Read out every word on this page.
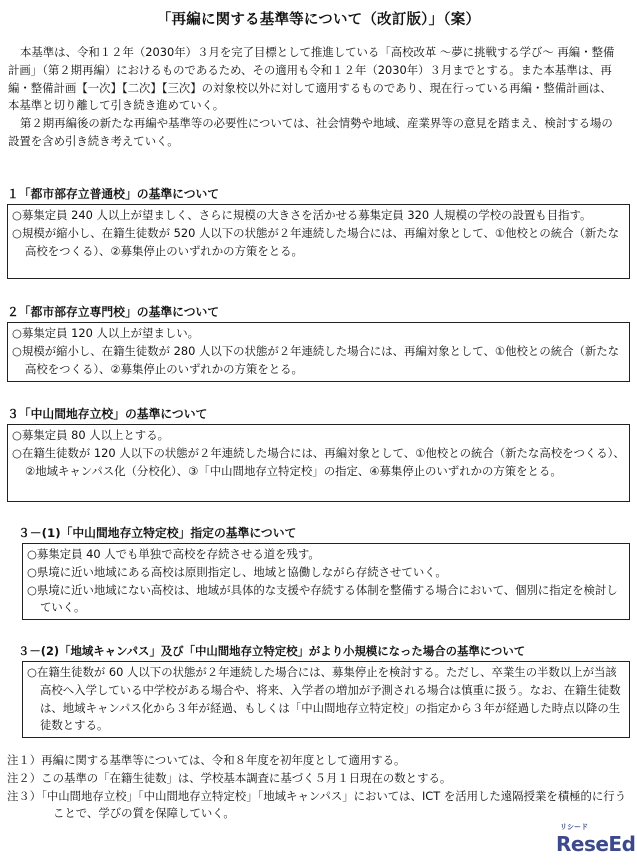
「再編に関する基準等について（改訂版）」（案）

本基準は、令和１２年（2030年）３月を完了目標として推進している「高校改革 ～夢に挑戦する学び～ 再編・整備計画」（第２期再編）におけるものであるため、その適用も令和１２年（2030年）３月までとする。また本基準は、再編・整備計画【一次】【二次】【三次】の対象校以外に対して適用するものであり、現在行っている再編・整備計画は、本基準と切り離して引き続き進めていく。

第２期再編後の新たな再編や基準等の必要性については、社会情勢や地域、産業界等の意見を踏まえ、検討する場の設置を含め引き続き考えていく。

１「都市部存立普通校」の基準について
○募集定員 240 人以上が望ましく、さらに規模の大きさを活かせる募集定員 320 人規模の学校の設置も目指す。
○規模が縮小し、在籍生徒数が 520 人以下の状態が２年連続した場合には、再編対象として、①他校との統合（新たな高校をつくる）、②募集停止のいずれかの方策をとる。
２「都市部存立専門校」の基準について
○募集定員 120 人以上が望ましい。
○規模が縮小し、在籍生徒数が 280 人以下の状態が２年連続した場合には、再編対象として、①他校との統合（新たな高校をつくる）、②募集停止のいずれかの方策をとる。
３「中山間地存立校」の基準について
○募集定員 80 人以上とする。
○在籍生徒数が 120 人以下の状態が２年連続した場合には、再編対象として、①他校との統合（新たな高校をつくる）、②地域キャンパス化（分校化）、③「中山間地存立特定校」の指定、④募集停止のいずれかの方策をとる。
３－(1)「中山間地存立特定校」指定の基準について
○募集定員 40 人でも単独で高校を存続させる道を残す。
○県境に近い地域にある高校は原則指定し、地域と協働しながら存続させていく。
○県境に近い地域にない高校は、地域が具体的な支援や存続する体制を整備する場合において、個別に指定を検討していく。
３－(2)「地域キャンパス」及び「中山間地存立特定校」がより小規模になった場合の基準について
○在籍生徒数が 60 人以下の状態が２年連続した場合には、募集停止を検討する。ただし、卒業生の半数以上が当該高校へ入学している中学校がある場合や、将来、入学者の増加が予測される場合は慎重に扱う。なお、在籍生徒数は、地域キャンパス化から３年が経過、もしくは「中山間地存立特定校」の指定から３年が経過した時点以降の生徒数とする。
注１）再編に関する基準等については、令和８年度を初年度として適用する。
注２）この基準の「在籍生徒数」は、学校基本調査に基づく５月１日現在の数とする。
注３）「中山間地存立校」「中山間地存立特定校」「地域キャンパス」においては、ICT を活用した遠隔授業を積極的に行うことで、学びの質を保障していく。
リシード
ReseEd
